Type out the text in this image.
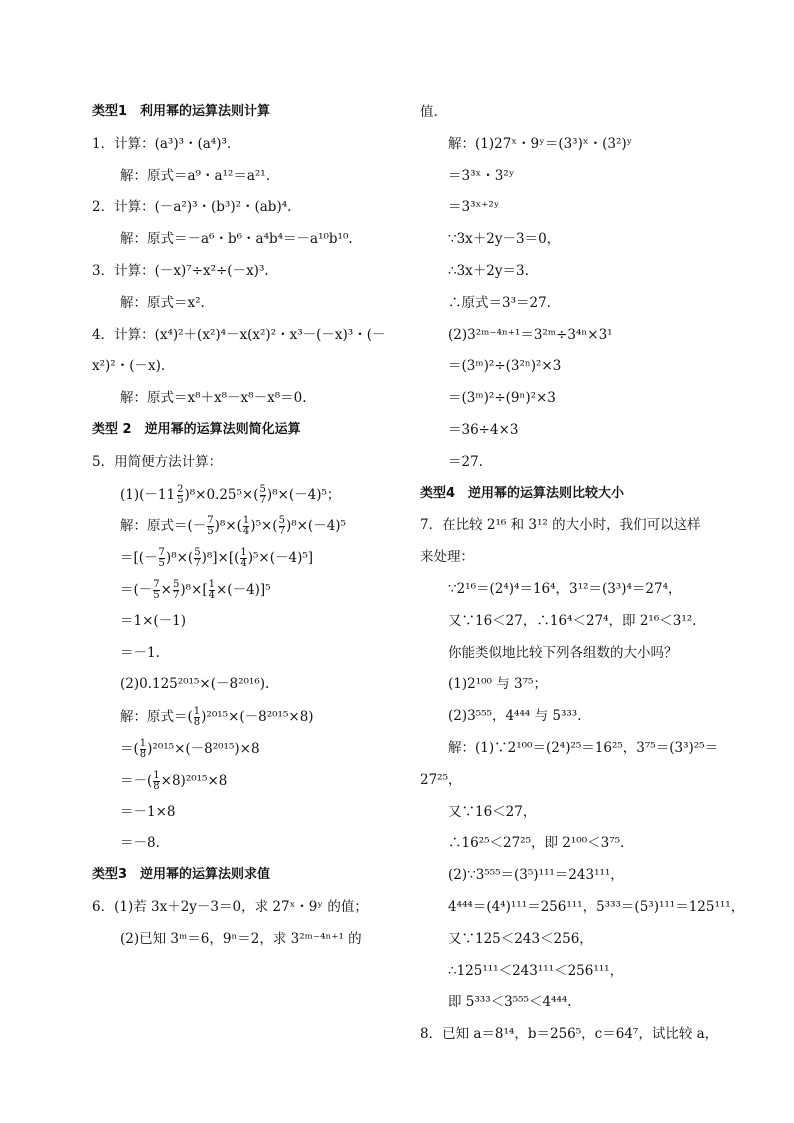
类型1　利用幂的运算法则计算
1．计算：(a³)³・(a⁴)³.
解：原式＝a⁹・a¹²＝a²¹.
2．计算：(－a²)³・(b³)²・(ab)⁴.
解：原式＝－a⁶・b⁶・a⁴b⁴＝－a¹⁰b¹⁰.
3．计算：(－x)⁷÷x²÷(－x)³.
解：原式＝x².
4．计算：(x⁴)²＋(x²)⁴－x(x²)²・x³－(－x)³・(－
x²)²・(－x).
解：原式＝x⁸＋x⁸－x⁸－x⁸＝0.
类型 2　逆用幂的运算法则简化运算
5．用简便方法计算：
$(1)(-11 \frac{2}{5} )^8\times 0.25^5\times( \frac{5}{7} )^8\times(-4)^5$；
解：原式＝(－ $\frac{7}{5} )^8\times( \frac{1}{4} )^5\times( \frac{5}{7} )^8\times(-4)^5$
＝[(－ $\frac{7}{5} )^8\times( \frac{5}{7} )^8]\times[( \frac{1}{4} )^5\times(-4)^5]$
＝(－ $\frac{7}{5} \times \frac{5}{7} )^8\times[ \frac{1}{4} \times(-4)]^5$
＝1×(－1)
＝－1.
(2)0.125²⁰¹⁵×(－8²⁰¹⁶).
解：原式＝( $\frac{1}{8} )^{2015}\times(-8^{2015}\times 8)$
＝( $\frac{1}{8} )^{2015}\times(-8^{2015})\times 8$
＝－( $\frac{1}{8} \times 8)^{2015}\times 8$
＝－1×8
＝－8.
类型3　逆用幂的运算法则求值
6．(1)若 3x＋2y－3＝0，求 27ˣ・9ʸ 的值；
(2)已知 3ᵐ＝6，9ⁿ＝2，求 3²ᵐ⁻⁴ⁿ⁺¹ 的
值.
解：(1)27ˣ・9ʸ＝(3³)ˣ・(3²)ʸ
＝3³ˣ・3²ʸ
＝3³ˣ⁺²ʸ
∵3x＋2y－3＝0，
∴3x＋2y＝3.
∴原式＝3³＝27.
(2)3²ᵐ⁻⁴ⁿ⁺¹＝3²ᵐ÷3⁴ⁿ×3¹
＝(3ᵐ)²÷(3²ⁿ)²×3
＝(3ᵐ)²÷(9ⁿ)²×3
＝36÷4×3
＝27.
类型4　逆用幂的运算法则比较大小
7．在比较 2¹⁶ 和 3¹² 的大小时，我们可以这样
来处理：
∵2¹⁶＝(2⁴)⁴＝16⁴，3¹²＝(3³)⁴＝27⁴，
又∵16＜27，∴16⁴＜27⁴，即 2¹⁶＜3¹².
你能类似地比较下列各组数的大小吗？
(1)2¹⁰⁰ 与 3⁷⁵；
(2)3⁵⁵⁵，4⁴⁴⁴ 与 5³³³.
解：(1)∵2¹⁰⁰＝(2⁴)²⁵＝16²⁵，3⁷⁵＝(3³)²⁵＝
27²⁵，
又∵16＜27，
∴16²⁵＜27²⁵，即 2¹⁰⁰＜3⁷⁵.
(2)∵3⁵⁵⁵＝(3⁵)¹¹¹＝243¹¹¹，
4⁴⁴⁴＝(4⁴)¹¹¹＝256¹¹¹，5³³³＝(5³)¹¹¹＝125¹¹¹，
又∵125＜243＜256，
∴125¹¹¹＜243¹¹¹＜256¹¹¹，
即 5³³³＜3⁵⁵⁵＜4⁴⁴⁴.
8．已知 a＝8¹⁴，b＝256⁵，c＝64⁷，试比较 a，
